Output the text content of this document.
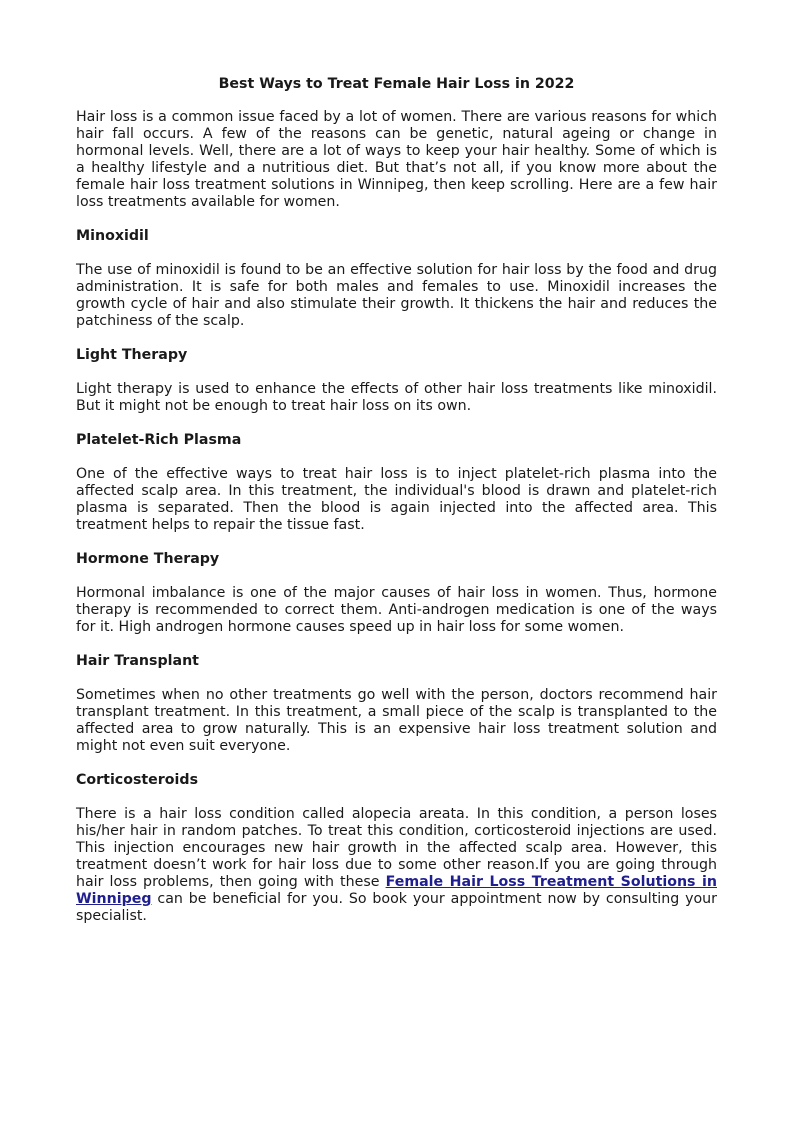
Best Ways to Treat Female Hair Loss in 2022

Hair loss is a common issue faced by a lot of women. There are various reasons for which hair fall occurs. A few of the reasons can be genetic, natural ageing or change in hormonal levels. Well, there are a lot of ways to keep your hair healthy. Some of which is a healthy lifestyle and a nutritious diet. But that’s not all, if you know more about the female hair loss treatment solutions in Winnipeg, then keep scrolling. Here are a few hair loss treatments available for women.

Minoxidil

The use of minoxidil is found to be an effective solution for hair loss by the food and drug administration. It is safe for both males and females to use. Minoxidil increases the growth cycle of hair and also stimulate their growth. It thickens the hair and reduces the patchiness of the scalp.

Light Therapy

Light therapy is used to enhance the effects of other hair loss treatments like minoxidil. But it might not be enough to treat hair loss on its own.

Platelet-Rich Plasma

One of the effective ways to treat hair loss is to inject platelet-rich plasma into the affected scalp area. In this treatment, the individual's blood is drawn and platelet-rich plasma is separated. Then the blood is again injected into the affected area. This treatment helps to repair the tissue fast.

Hormone Therapy

Hormonal imbalance is one of the major causes of hair loss in women. Thus, hormone therapy is recommended to correct them. Anti-androgen medication is one of the ways for it. High androgen hormone causes speed up in hair loss for some women.

Hair Transplant

Sometimes when no other treatments go well with the person, doctors recommend hair transplant treatment. In this treatment, a small piece of the scalp is transplanted to the affected area to grow naturally. This is an expensive hair loss treatment solution and might not even suit everyone.

Corticosteroids

There is a hair loss condition called alopecia areata. In this condition, a person loses his/her hair in random patches. To treat this condition, corticosteroid injections are used. This injection encourages new hair growth in the affected scalp area. However, this treatment doesn’t work for hair loss due to some other reason.If you are going through hair loss problems, then going with these Female Hair Loss Treatment Solutions in Winnipeg can be beneficial for you. So book your appointment now by consulting your specialist.
